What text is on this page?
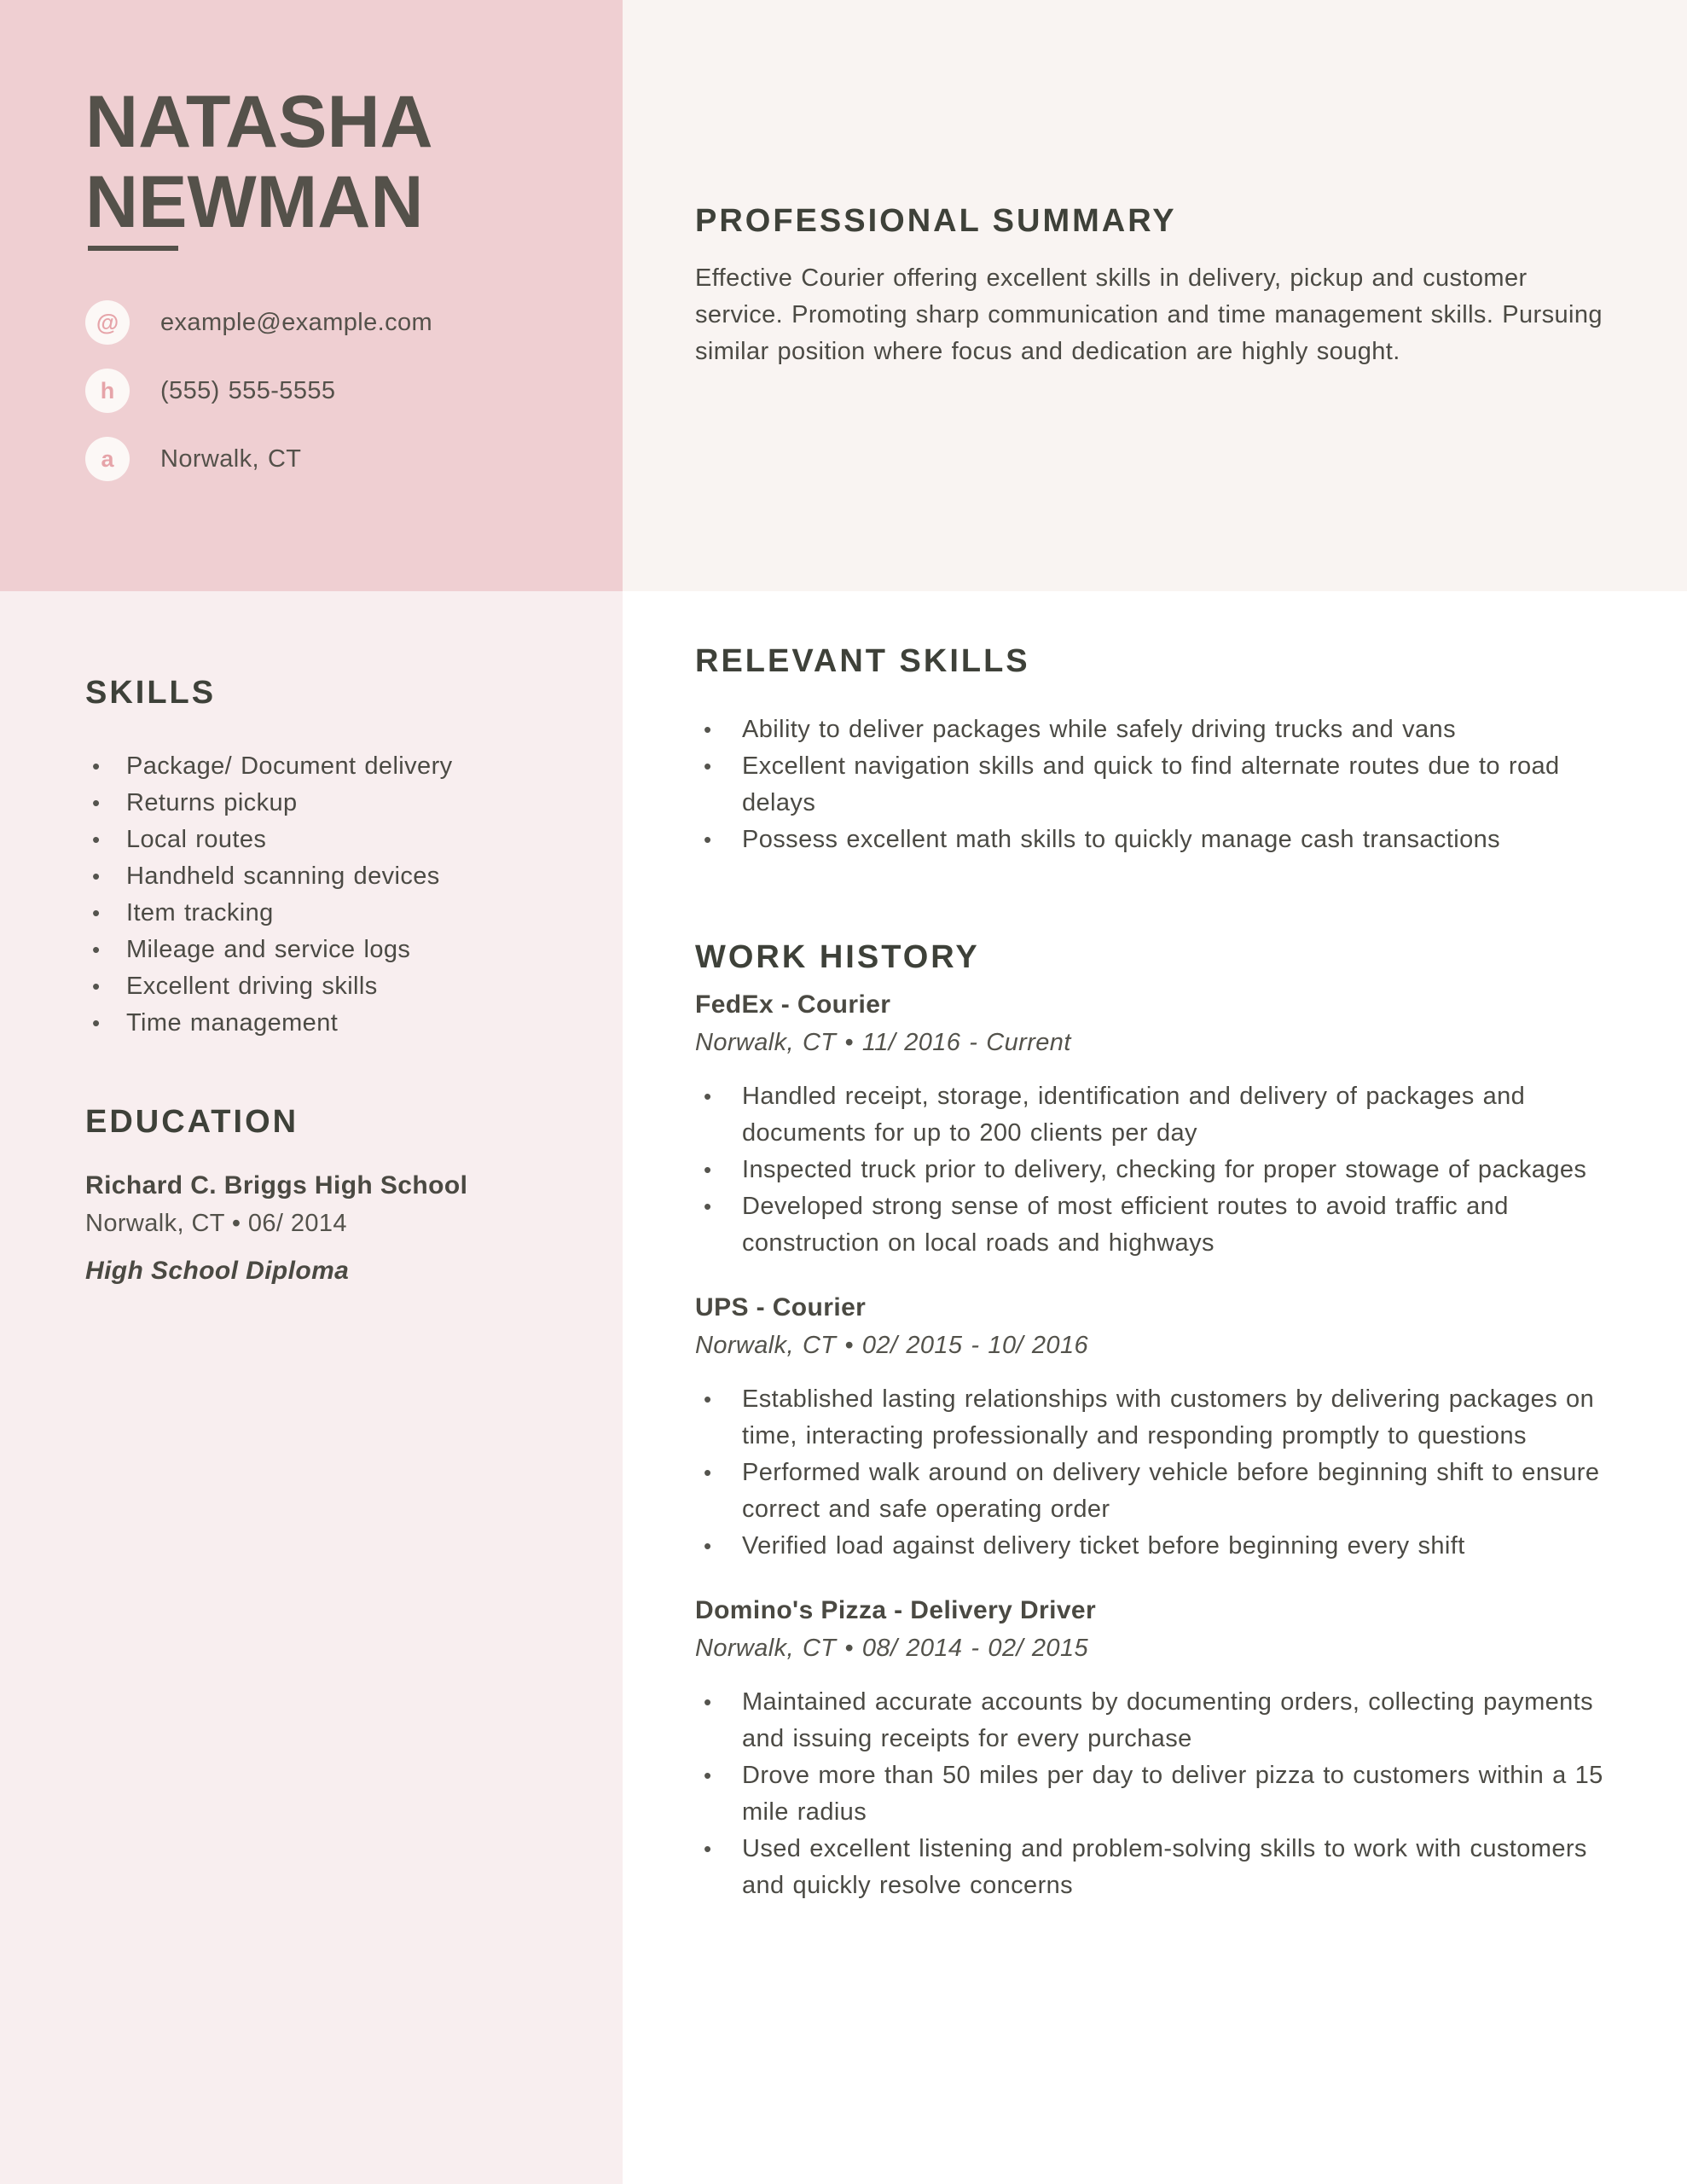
NATASHA
NEWMAN
@	example@example.com
h	(555) 555-5555
a	Norwalk, CT
SKILLS
• Package/ Document delivery
• Returns pickup
• Local routes
• Handheld scanning devices
• Item tracking
• Mileage and service logs
• Excellent driving skills
• Time management
EDUCATION
Richard C. Briggs High School
Norwalk, CT • 06/ 2014
High School Diploma
PROFESSIONAL SUMMARY

Effective Courier offering excellent skills in delivery, pickup and customer service. Promoting sharp communication and time management skills. Pursuing similar position where focus and dedication are highly sought.

RELEVANT SKILLS
• Ability to deliver packages while safely driving trucks and vans
• Excellent navigation skills and quick to find alternate routes due to road delays
• Possess excellent math skills to quickly manage cash transactions
WORK HISTORY
FedEx - Courier
Norwalk, CT • 11/ 2016 - Current
• Handled receipt, storage, identification and delivery of packages and documents for up to 200 clients per day
• Inspected truck prior to delivery, checking for proper stowage of packages
• Developed strong sense of most efficient routes to avoid traffic and construction on local roads and highways
UPS - Courier
Norwalk, CT • 02/ 2015 - 10/ 2016
• Established lasting relationships with customers by delivering packages on time, interacting professionally and responding promptly to questions
• Performed walk around on delivery vehicle before beginning shift to ensure correct and safe operating order
• Verified load against delivery ticket before beginning every shift
Domino's Pizza - Delivery Driver
Norwalk, CT • 08/ 2014 - 02/ 2015
• Maintained accurate accounts by documenting orders, collecting payments and issuing receipts for every purchase
• Drove more than 50 miles per day to deliver pizza to customers within a 15 mile radius
• Used excellent listening and problem-solving skills to work with customers and quickly resolve concerns
